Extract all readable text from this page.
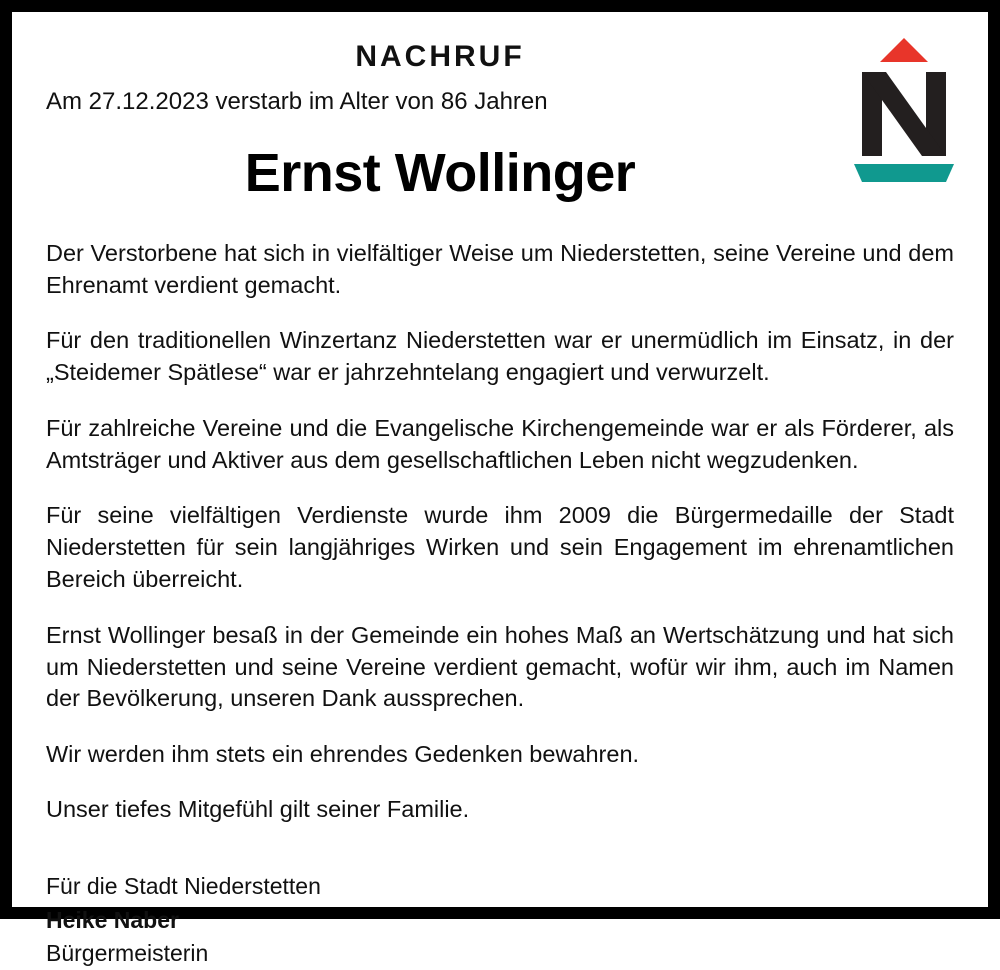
NACHRUF
Am 27.12.2023 verstarb im Alter von 86 Jahren
Ernst Wollinger

Der Verstorbene hat sich in vielfältiger Weise um Niederstetten, seine Vereine und dem Ehrenamt verdient gemacht.

Für den traditionellen Winzertanz Niederstetten war er unermüdlich im Einsatz, in der „Steidemer Spätlese“ war er jahrzehntelang engagiert und verwurzelt.

Für zahlreiche Vereine und die Evangelische Kirchengemeinde war er als Förderer, als Amtsträger und Aktiver aus dem gesellschaftlichen Leben nicht wegzudenken.

Für seine vielfältigen Verdienste wurde ihm 2009 die Bürgermedaille der Stadt Niederstetten für sein langjähriges Wirken und sein Engagement im ehrenamtlichen Bereich überreicht.

Ernst Wollinger besaß in der Gemeinde ein hohes Maß an Wertschätzung und hat sich um Niederstetten und seine Vereine verdient gemacht, wofür wir ihm, auch im Namen der Bevölkerung, unseren Dank aussprechen.

Wir werden ihm stets ein ehrendes Gedenken bewahren.

Unser tiefes Mitgefühl gilt seiner Familie.

Für die Stadt Niederstetten
Heike Naber
Bürgermeisterin
